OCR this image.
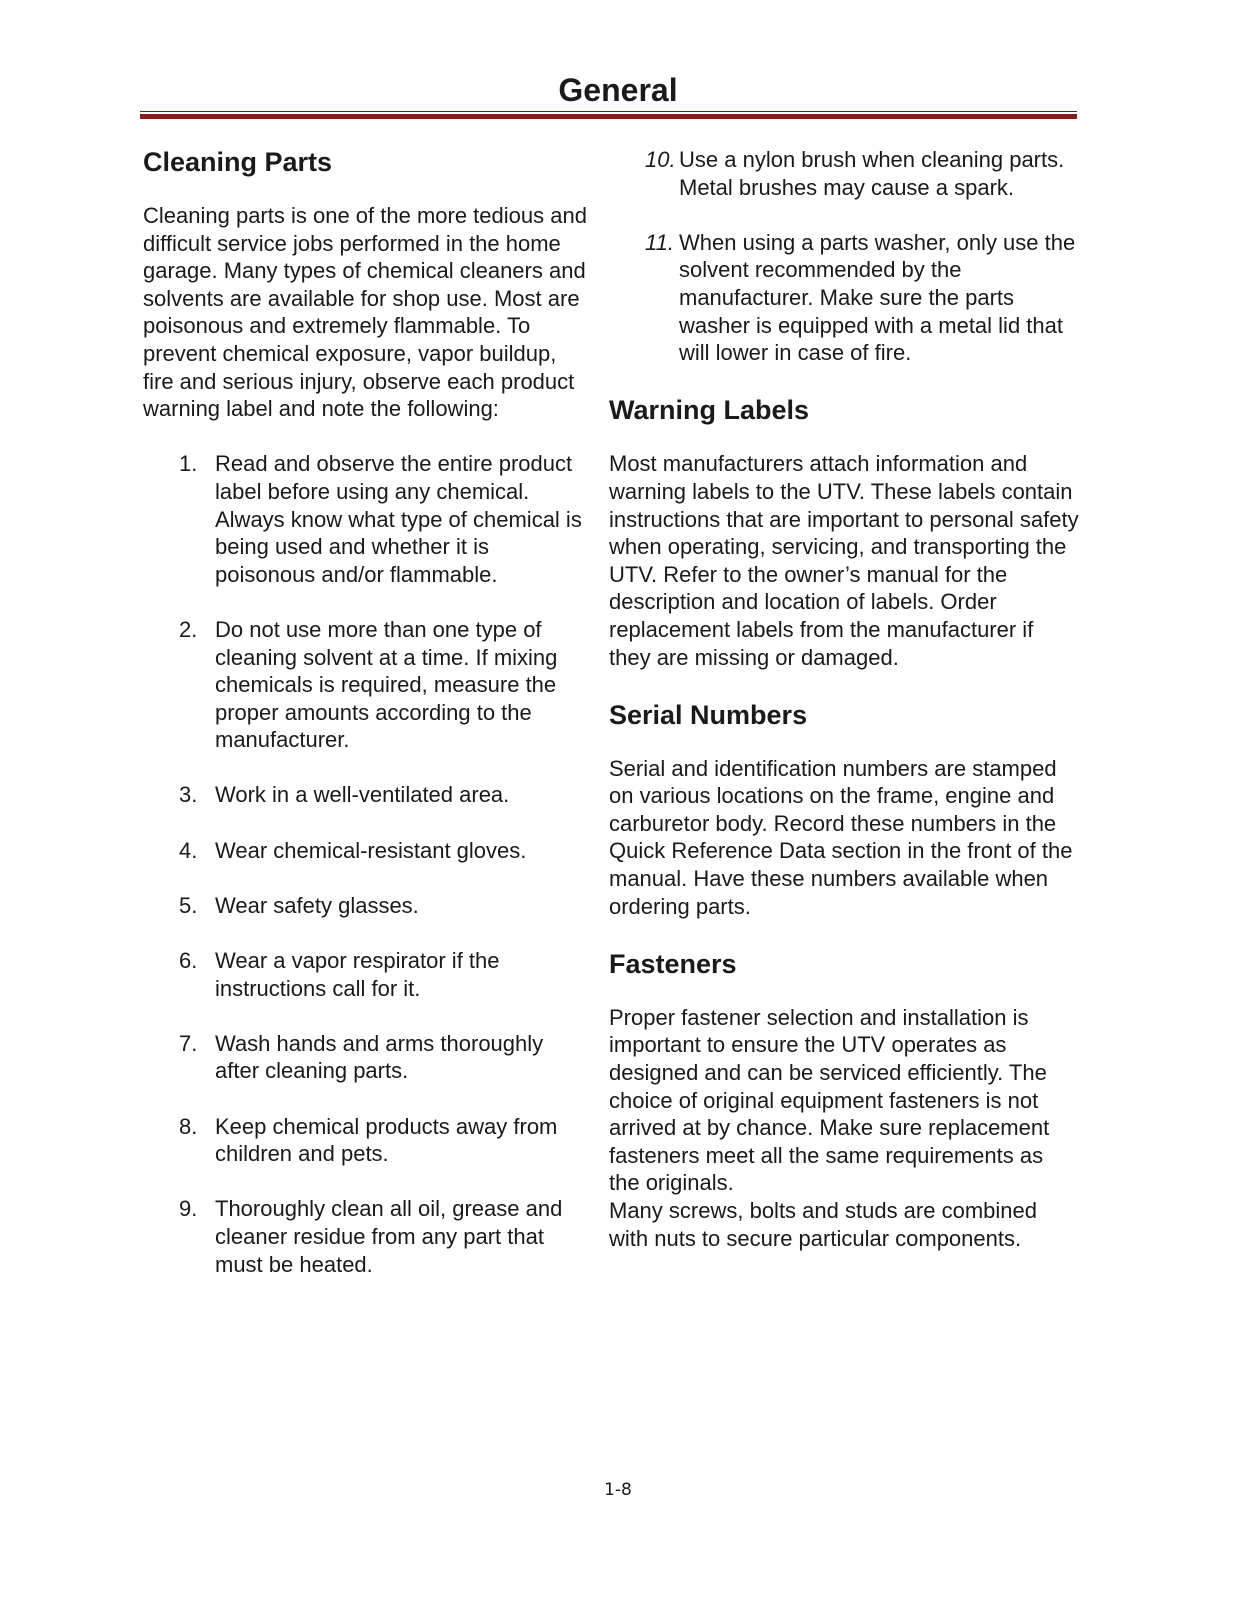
General
Cleaning Parts

Cleaning parts is one of the more tedious and difficult service jobs performed in the home garage. Many types of chemical cleaners and solvents are available for shop use. Most are poisonous and extremely flammable. To prevent chemical exposure, vapor buildup, fire and serious injury, observe each product warning label and note the following:

1. Read and observe the entire product label before using any chemical. Always know what type of chemical is being used and whether it is poisonous and/or flammable.
2. Do not use more than one type of cleaning solvent at a time. If mixing chemicals is required, measure the proper amounts according to the manufacturer.
3. Work in a well-ventilated area.
4. Wear chemical-resistant gloves.
5. Wear safety glasses.
6. Wear a vapor respirator if the instructions call for it.
7. Wash hands and arms thoroughly after cleaning parts.
8. Keep chemical products away from children and pets.
9. Thoroughly clean all oil, grease and cleaner residue from any part that must be heated.
10. Use a nylon brush when cleaning parts. Metal brushes may cause a spark.
11. When using a parts washer, only use the solvent recommended by the manufacturer. Make sure the parts washer is equipped with a metal lid that will lower in case of fire.
Warning Labels

Most manufacturers attach information and warning labels to the UTV. These labels contain instructions that are important to personal safety when operating, servicing, and transporting the UTV. Refer to the owner’s manual for the description and location of labels. Order replacement labels from the manufacturer if they are missing or damaged.

Serial Numbers

Serial and identification numbers are stamped on various locations on the frame, engine and carburetor body. Record these numbers in the Quick Reference Data section in the front of the manual. Have these numbers available when ordering parts.

Fasteners

Proper fastener selection and installation is important to ensure the UTV operates as designed and can be serviced efficiently. The choice of original equipment fasteners is not arrived at by chance. Make sure replacement fasteners meet all the same requirements as the originals.

Many screws, bolts and studs are combined with nuts to secure particular components.

1-8
